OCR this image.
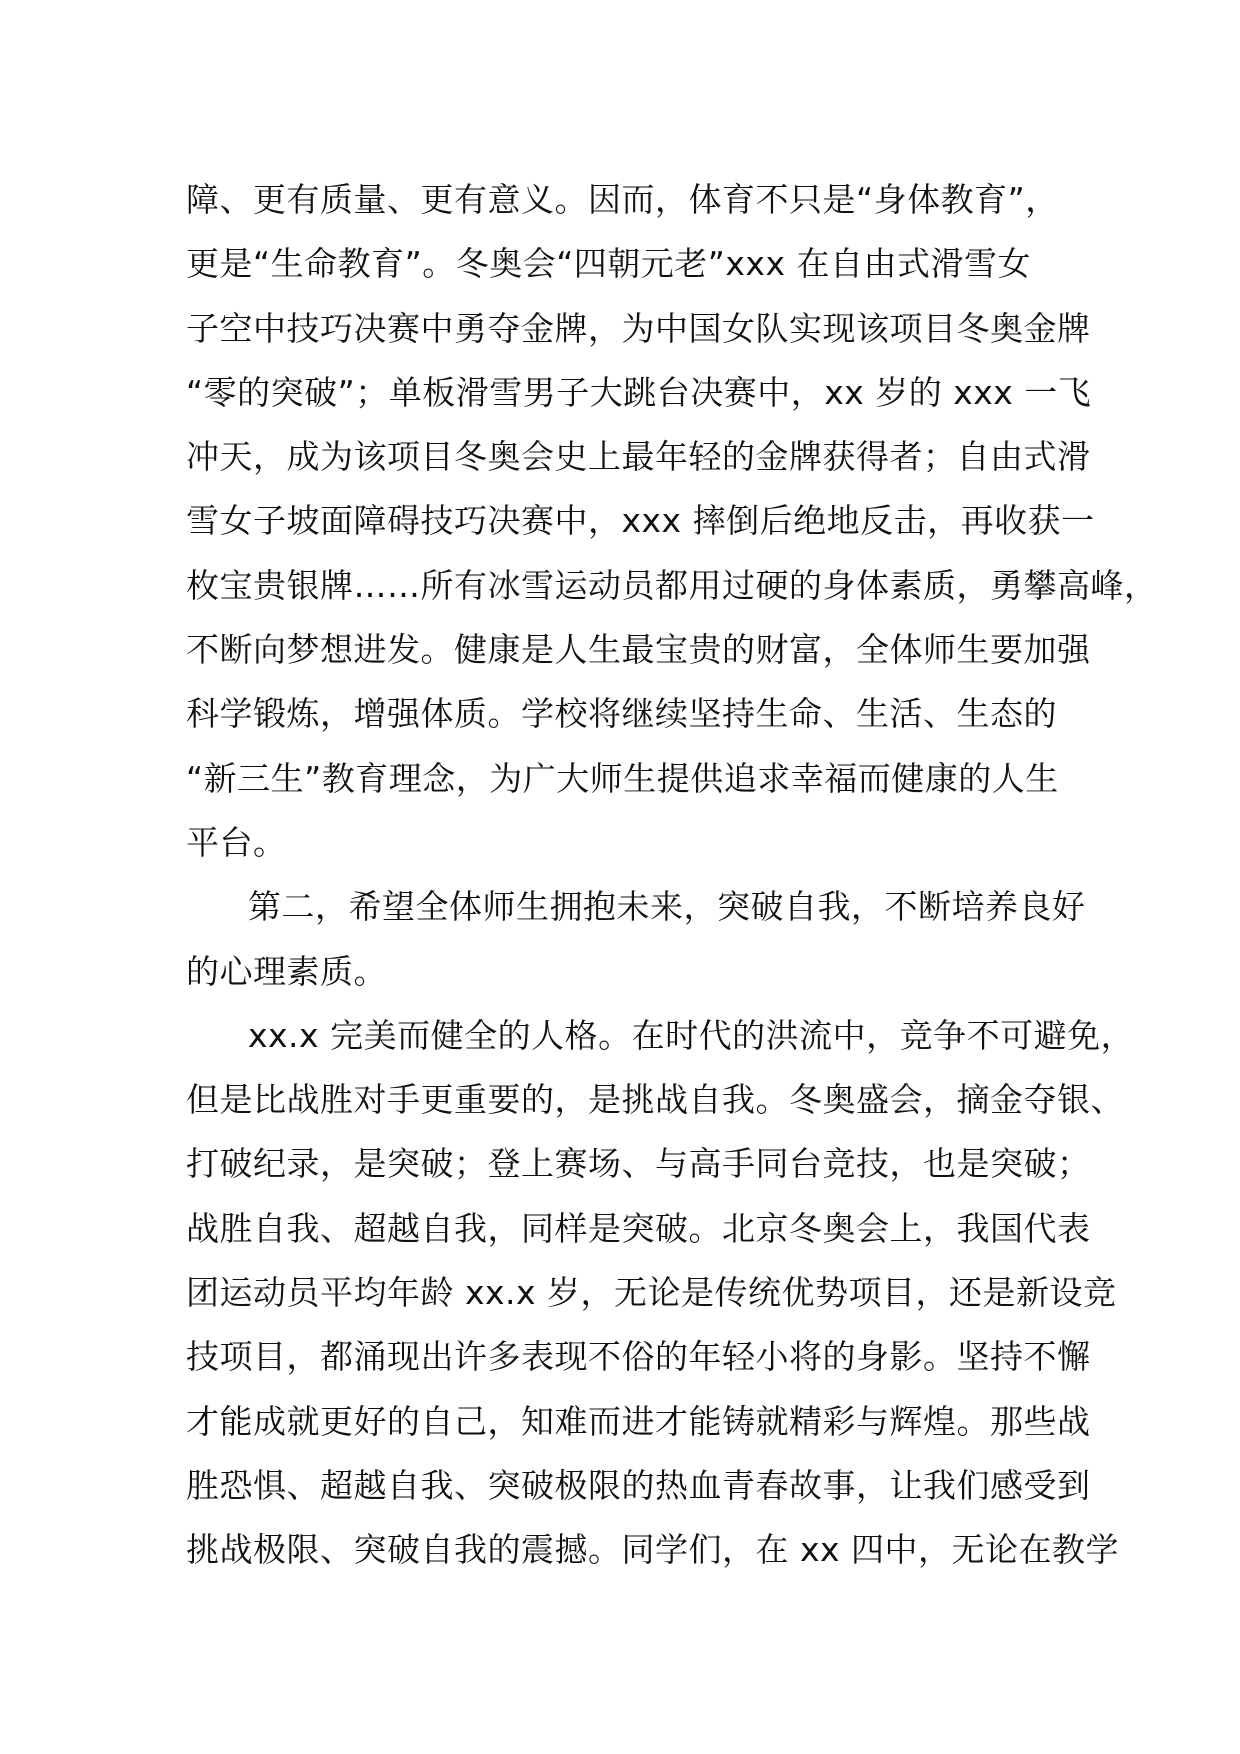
障、更有质量、更有意义。因而，体育不只是“身体教育”，
更是“生命教育”。冬奥会“四朝元老”xxx 在自由式滑雪女
子空中技巧决赛中勇夺金牌，为中国女队实现该项目冬奥金牌
“零的突破”；单板滑雪男子大跳台决赛中，xx 岁的 xxx 一飞
冲天，成为该项目冬奥会史上最年轻的金牌获得者；自由式滑
雪女子坡面障碍技巧决赛中，xxx 摔倒后绝地反击，再收获一
枚宝贵银牌……所有冰雪运动员都用过硬的身体素质，勇攀高峰，
不断向梦想进发。健康是人生最宝贵的财富，全体师生要加强
科学锻炼，增强体质。学校将继续坚持生命、生活、生态的
“新三生”教育理念，为广大师生提供追求幸福而健康的人生
平台。
第二，希望全体师生拥抱未来，突破自我，不断培养良好
的心理素质。
xx.x 完美而健全的人格。在时代的洪流中，竞争不可避免，
但是比战胜对手更重要的，是挑战自我。冬奥盛会，摘金夺银、
打破纪录，是突破；登上赛场、与高手同台竞技，也是突破；
战胜自我、超越自我，同样是突破。北京冬奥会上，我国代表
团运动员平均年龄 xx.x 岁，无论是传统优势项目，还是新设竞
技项目，都涌现出许多表现不俗的年轻小将的身影。坚持不懈
才能成就更好的自己，知难而进才能铸就精彩与辉煌。那些战
胜恐惧、超越自我、突破极限的热血青春故事，让我们感受到
挑战极限、突破自我的震撼。同学们，在 xx 四中，无论在教学
